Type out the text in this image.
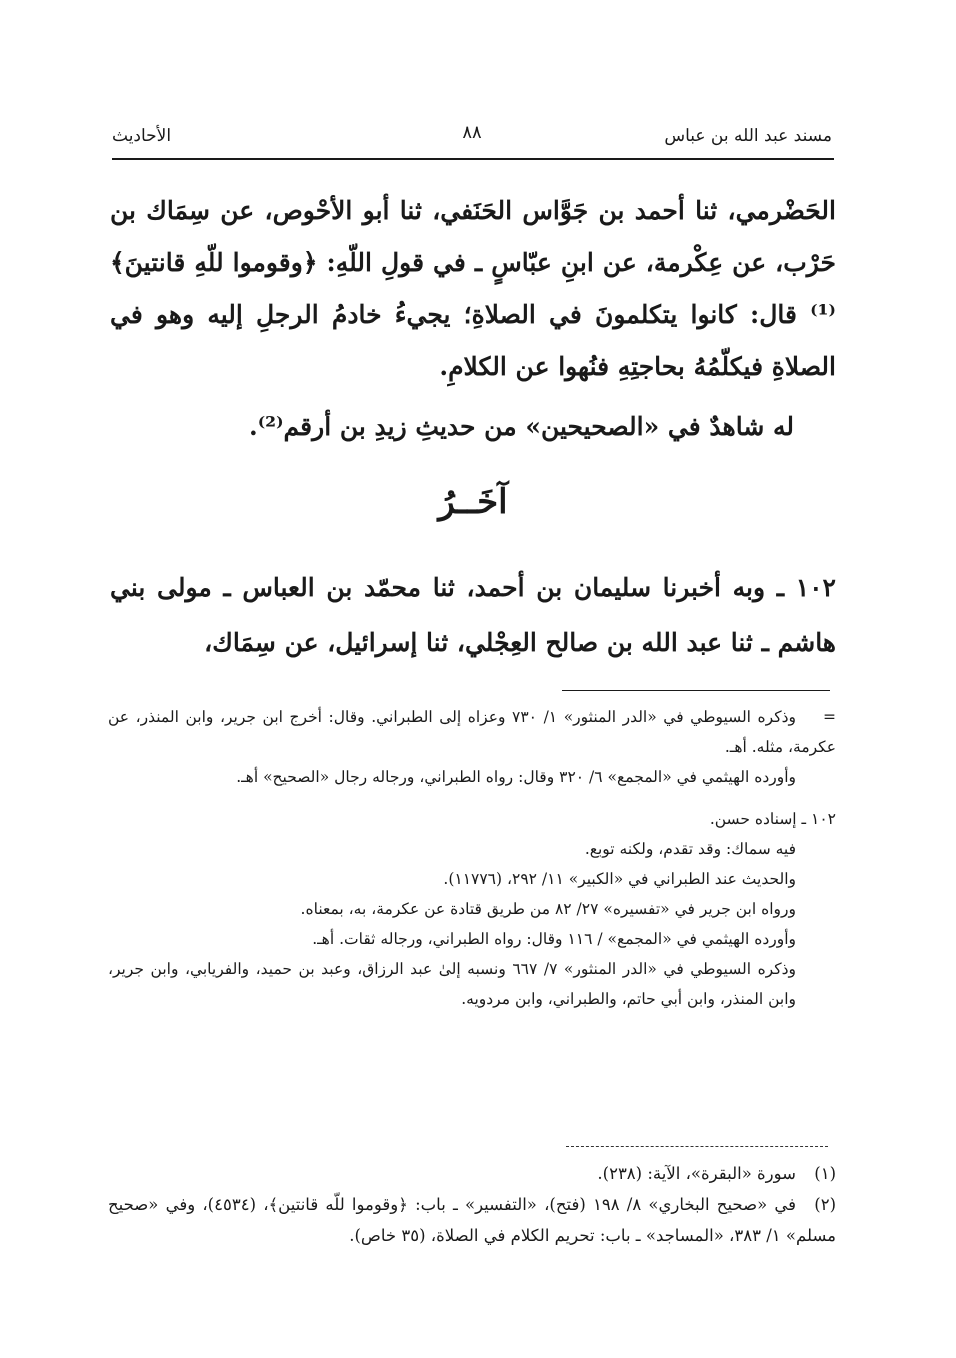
مسند عبد الله بن عباس
٨٨
الأحاديث

الحَضْرمي، ثنا أحمد بن جَوَّاس الحَنَفي، ثنا أبو الأحْوص، عن سِمَاك بن حَرْب، عن عِكْرمة، عن ابنِ عبّاسٍ ـ في قولِ اللّهِ: ﴿وقوموا للّهِ قانتينَ﴾⁽¹⁾ قال: كانوا يتكلمونَ في الصلاةِ؛ يجيءُ خادمُ الرجلِ إليه وهو في الصلاةِ فيكلّمُهُ بحاجتِهِ فنُهوا عن الكلامِ.

له شاهدٌ في «الصحيحين» من حديثِ زيدِ بن أرقم⁽²⁾.

آخَــرُ

١٠٢ ـ وبه أخبرنا سليمان بن أحمد، ثنا محمّد بن العباس ـ مولى بني هاشم ـ ثنا عبد الله بن صالح العِجْلي، ثنا إسرائيل، عن سِمَاك،

=وذكره السيوطي في «الدر المنثور» ١/ ٧٣٠ وعزاه إلى الطبراني. وقال: أخرج ابن جرير، وابن المنذر، عن عكرمة، مثله. أهـ.

وأورده الهيثمي في «المجمع» ٦/ ٣٢٠ وقال: رواه الطبراني، ورجاله رجال «الصحيح» أهـ.

١٠٢ ـ إسناده حسن.

فيه سماك: وقد تقدم، ولكنه توبع.

والحديث عند الطبراني في «الكبير» ١١/ ٢٩٢، (١١٧٧٦).

ورواه ابن جرير في «تفسيره» ٢٧/ ٨٢ من طريق قتادة عن عكرمة، به، بمعناه.

وأورده الهيثمي في «المجمع» / ١١٦ وقال: رواه الطبراني، ورجاله ثقات. أهـ.

وذكره السيوطي في «الدر المنثور» ٧/ ٦٦٧ ونسبه إلىٰ عبد الرزاق، وعبد بن حميد، والفريابي، وابن جرير، وابن المنذر، وابن أبي حاتم، والطبراني، وابن مردويه.

(١)سورة «البقرة»، الآية: (٢٣٨).

(٢)في «صحيح البخاري» ٨/ ١٩٨ (فتح)، «التفسير» ـ باب: ﴿وقوموا للّه قانتين﴾، (٤٥٣٤)، وفي «صحيح مسلم» ١/ ٣٨٣، «المساجد» ـ باب: تحريم الكلام في الصلاة، (٣٥ خاص).
